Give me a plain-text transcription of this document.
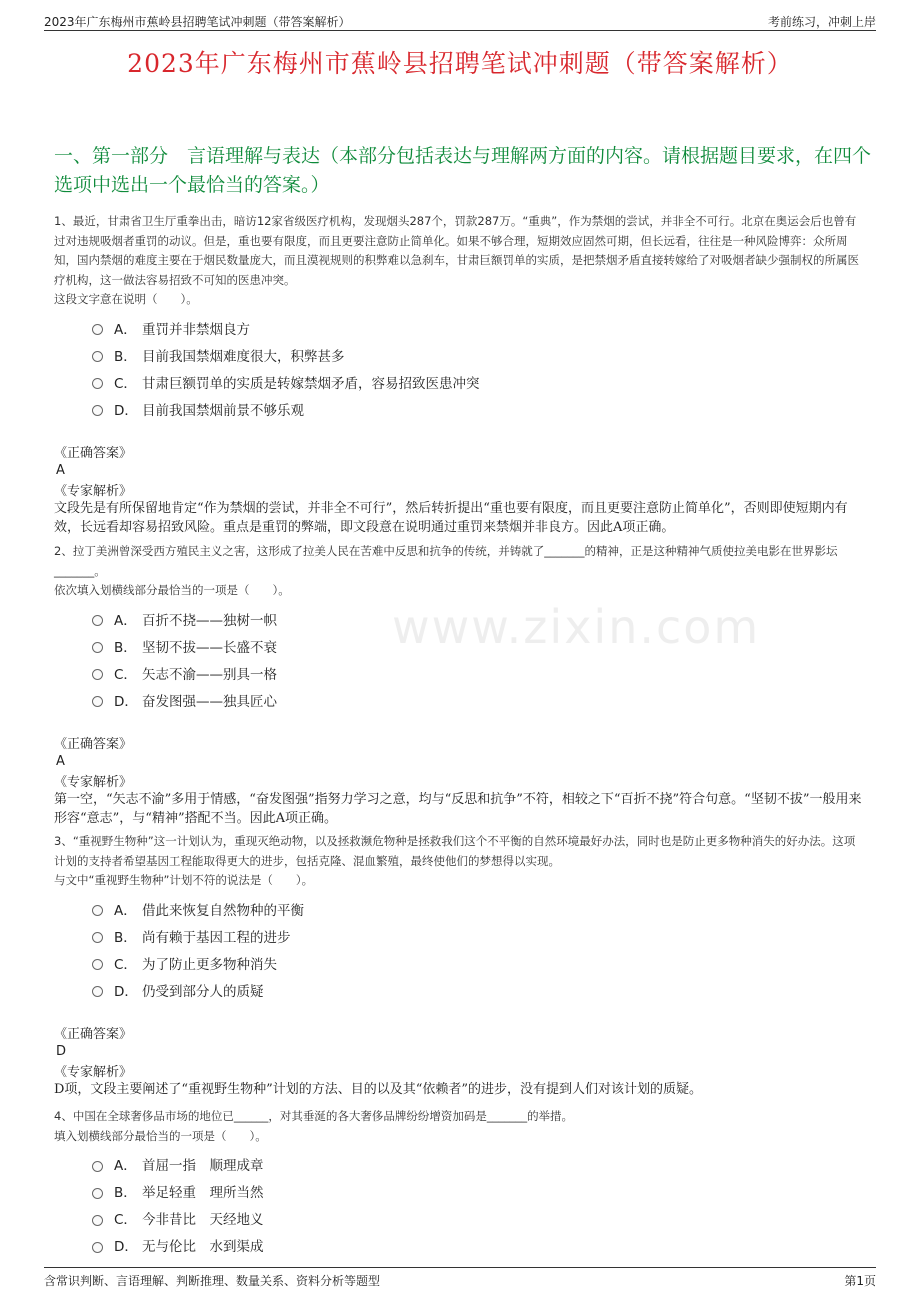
2023年广东梅州市蕉岭县招聘笔试冲刺题（带答案解析）	考前练习，冲刺上岸
2023年广东梅州市蕉岭县招聘笔试冲刺题（带答案解析）
一、第一部分　言语理解与表达（本部分包括表达与理解两方面的内容。请根据题目要求，在四个选项中选出一个最恰当的答案。）
www.zixin.com

1、最近，甘肃省卫生厅重拳出击，暗访12家省级医疗机构，发现烟头287个，罚款287万。“重典”，作为禁烟的尝试，并非全不可行。北京在奥运会后也曾有过对违规吸烟者重罚的动议。但是，重也要有限度，而且更要注意防止简单化。如果不够合理，短期效应固然可期，但长远看，往往是一种风险博弈：众所周知，国内禁烟的难度主要在于烟民数量庞大，而且漠视规则的积弊难以急刹车，甘肃巨额罚单的实质，是把禁烟矛盾直接转嫁给了对吸烟者缺少强制权的所属医疗机构，这一做法容易招致不可知的医患冲突。

这段文字意在说明（　　）。

A． 重罚并非禁烟良方
B． 目前我国禁烟难度很大，积弊甚多
C． 甘肃巨额罚单的实质是转嫁禁烟矛盾，容易招致医患冲突
D． 目前我国禁烟前景不够乐观

《正确答案》

A

《专家解析》

文段先是有所保留地肯定“作为禁烟的尝试，并非全不可行”，然后转折提出“重也要有限度，而且更要注意防止简单化”，否则即使短期内有效，长远看却容易招致风险。重点是重罚的弊端，即文段意在说明通过重罚来禁烟并非良方。因此A项正确。

2、拉丁美洲曾深受西方殖民主义之害，这形成了拉美人民在苦难中反思和抗争的传统，并铸就了_______的精神，正是这种精神气质使拉美电影在世界影坛_______。

依次填入划横线部分最恰当的一项是（　　）。

A． 百折不挠——独树一帜
B． 坚韧不拔——长盛不衰
C． 矢志不渝——别具一格
D． 奋发图强——独具匠心

《正确答案》

A

《专家解析》

第一空，“矢志不渝”多用于情感，“奋发图强”指努力学习之意，均与“反思和抗争”不符，相较之下“百折不挠”符合句意。“坚韧不拔”一般用来形容“意志”，与“精神”搭配不当。因此A项正确。

3、“重视野生物种”这一计划认为，重现灭绝动物，以及拯救濒危物种是拯救我们这个不平衡的自然环境最好办法，同时也是防止更多物种消失的好办法。这项计划的支持者希望基因工程能取得更大的进步，包括克隆、混血繁殖，最终使他们的梦想得以实现。

与文中“重视野生物种”计划不符的说法是（　　）。

A． 借此来恢复自然物种的平衡
B． 尚有赖于基因工程的进步
C． 为了防止更多物种消失
D． 仍受到部分人的质疑

《正确答案》

D

《专家解析》

D项，文段主要阐述了“重视野生物种”计划的方法、目的以及其“依赖者”的进步，没有提到人们对该计划的质疑。

4、中国在全球奢侈品市场的地位已______，对其垂涎的各大奢侈品牌纷纷增资加码是_______的举措。

填入划横线部分最恰当的一项是（　　）。

A． 首屈一指　顺理成章
B． 举足轻重　理所当然
C． 今非昔比　天经地义
D． 无与伦比　水到渠成
含常识判断、言语理解、判断推理、数量关系、资料分析等题型	第1页
